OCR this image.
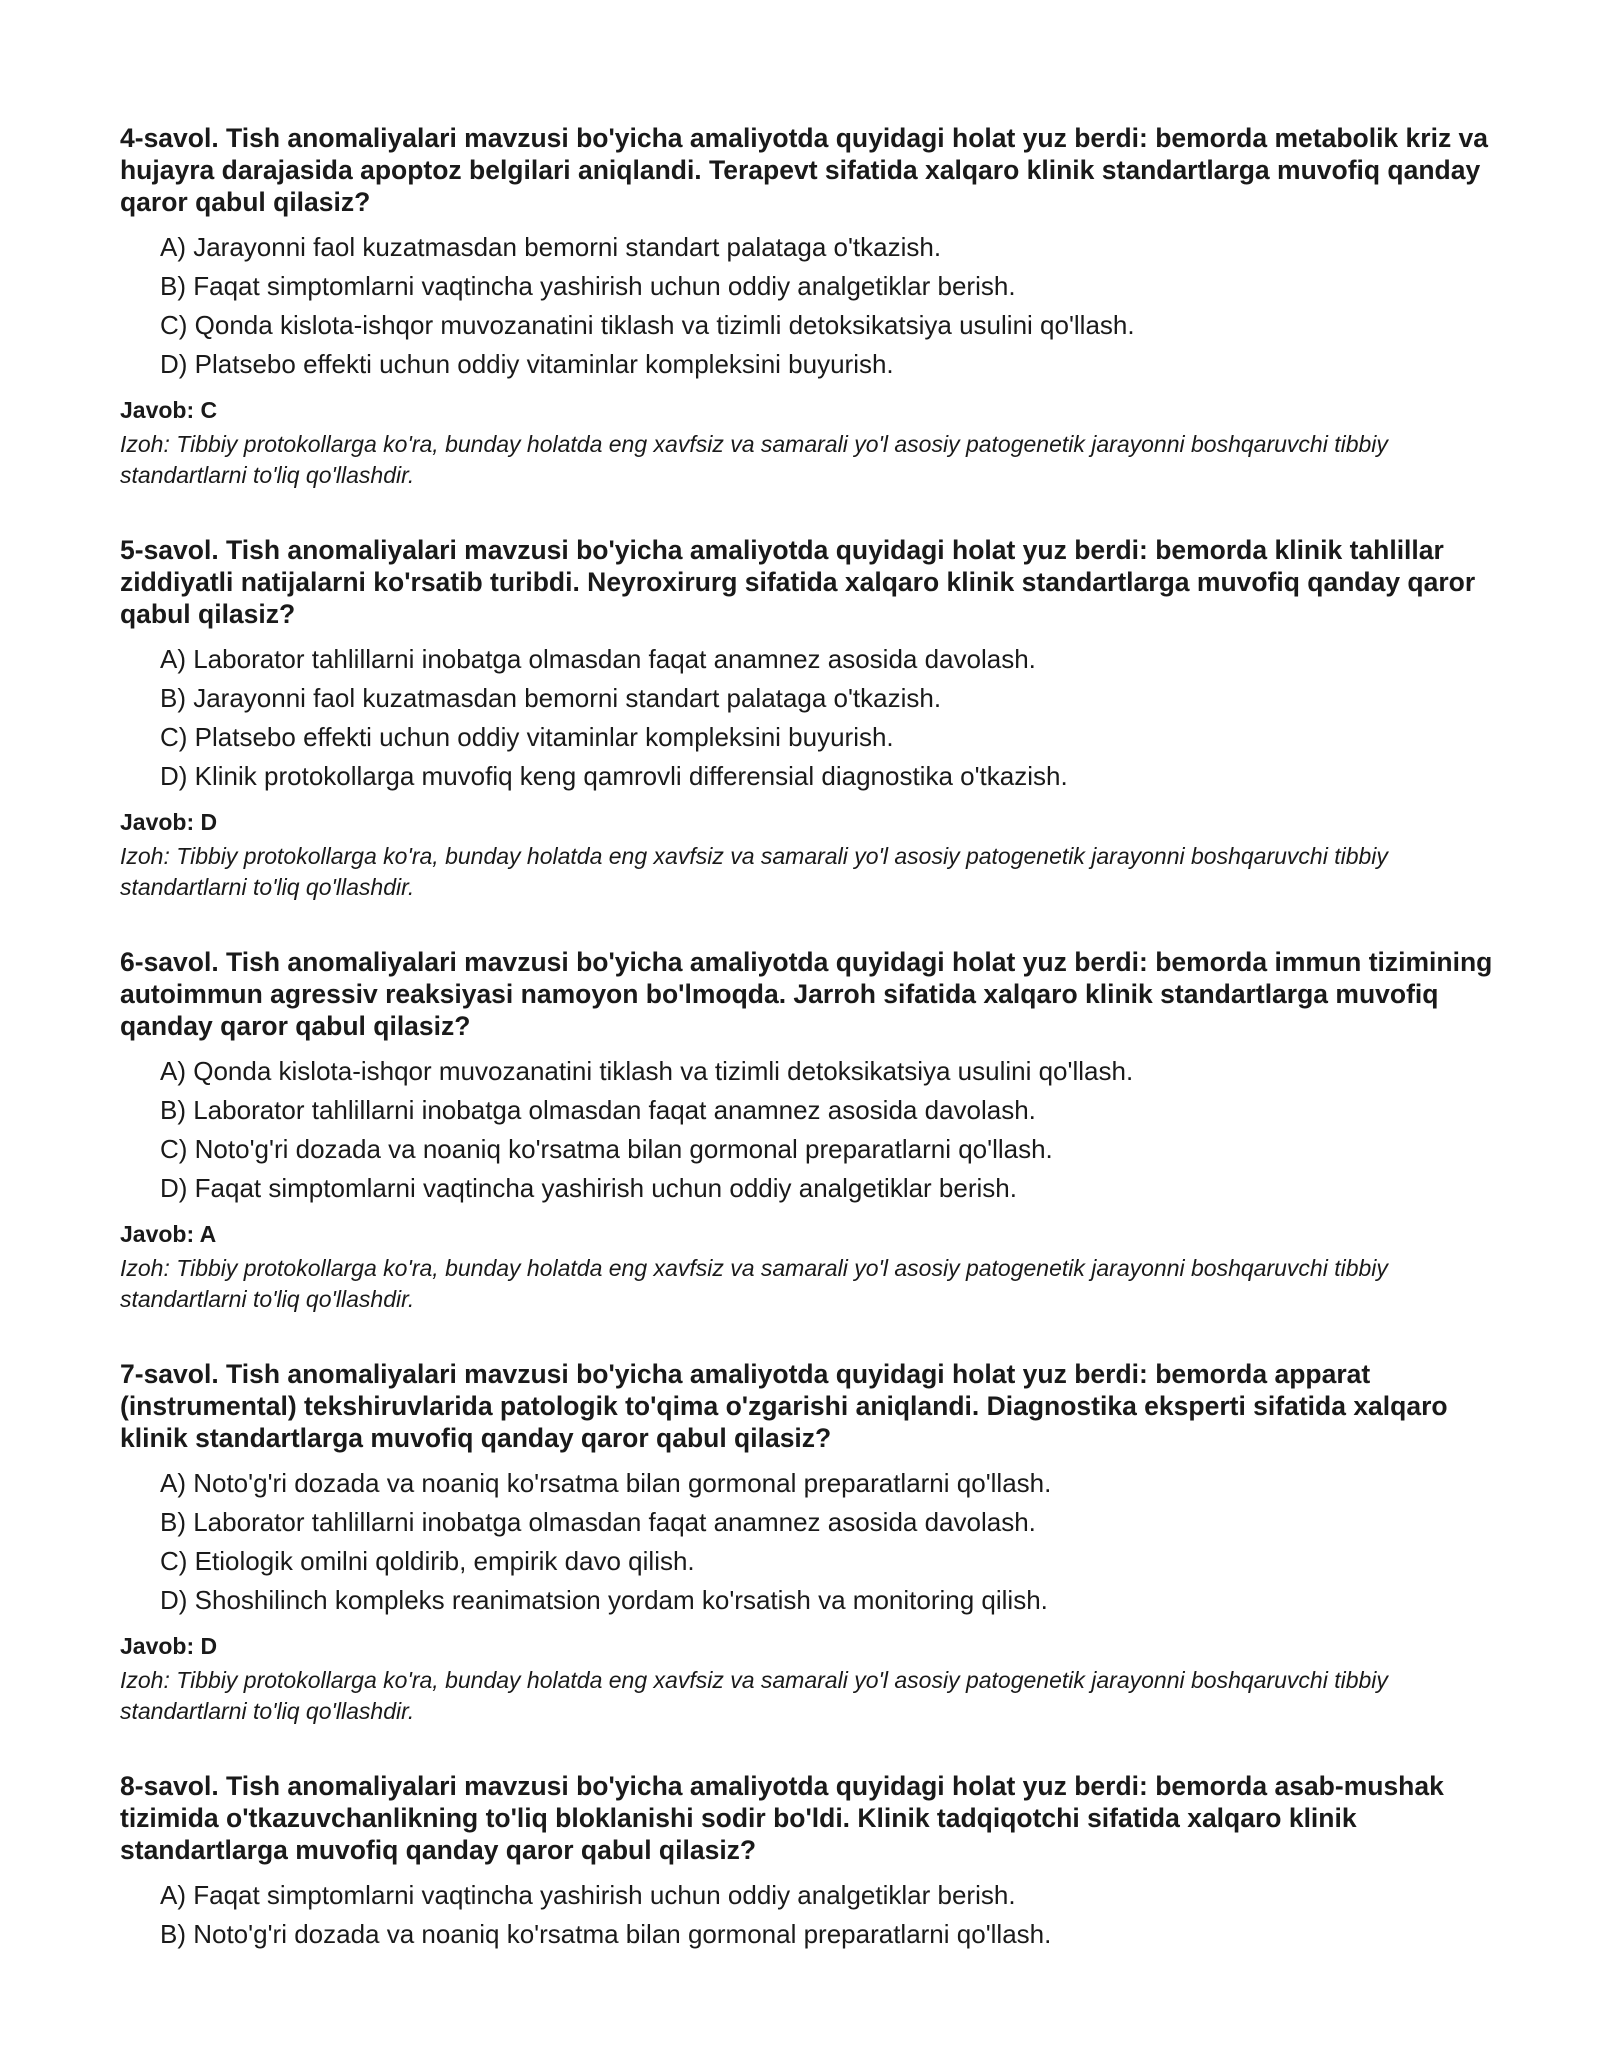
4-savol. Tish anomaliyalari mavzusi bo'yicha amaliyotda quyidagi holat yuz berdi: bemorda metabolik kriz va hujayra darajasida apoptoz belgilari aniqlandi. Terapevt sifatida xalqaro klinik standartlarga muvofiq qanday qaror qabul qilasiz?
A) Jarayonni faol kuzatmasdan bemorni standart palataga o'tkazish.
B) Faqat simptomlarni vaqtincha yashirish uchun oddiy analgetiklar berish.
C) Qonda kislota-ishqor muvozanatini tiklash va tizimli detoksikatsiya usulini qo'llash.
D) Platsebo effekti uchun oddiy vitaminlar kompleksini buyurish.
Javob: C
Izoh: Tibbiy protokollarga ko'ra, bunday holatda eng xavfsiz va samarali yo'l asosiy patogenetik jarayonni boshqaruvchi tibbiy standartlarni to'liq qo'llashdir.
5-savol. Tish anomaliyalari mavzusi bo'yicha amaliyotda quyidagi holat yuz berdi: bemorda klinik tahlillar ziddiyatli natijalarni ko'rsatib turibdi. Neyroxirurg sifatida xalqaro klinik standartlarga muvofiq qanday qaror qabul qilasiz?
A) Laborator tahlillarni inobatga olmasdan faqat anamnez asosida davolash.
B) Jarayonni faol kuzatmasdan bemorni standart palataga o'tkazish.
C) Platsebo effekti uchun oddiy vitaminlar kompleksini buyurish.
D) Klinik protokollarga muvofiq keng qamrovli differensial diagnostika o'tkazish.
Javob: D
Izoh: Tibbiy protokollarga ko'ra, bunday holatda eng xavfsiz va samarali yo'l asosiy patogenetik jarayonni boshqaruvchi tibbiy standartlarni to'liq qo'llashdir.
6-savol. Tish anomaliyalari mavzusi bo'yicha amaliyotda quyidagi holat yuz berdi: bemorda immun tizimining autoimmun agressiv reaksiyasi namoyon bo'lmoqda. Jarroh sifatida xalqaro klinik standartlarga muvofiq qanday qaror qabul qilasiz?
A) Qonda kislota-ishqor muvozanatini tiklash va tizimli detoksikatsiya usulini qo'llash.
B) Laborator tahlillarni inobatga olmasdan faqat anamnez asosida davolash.
C) Noto'g'ri dozada va noaniq ko'rsatma bilan gormonal preparatlarni qo'llash.
D) Faqat simptomlarni vaqtincha yashirish uchun oddiy analgetiklar berish.
Javob: A
Izoh: Tibbiy protokollarga ko'ra, bunday holatda eng xavfsiz va samarali yo'l asosiy patogenetik jarayonni boshqaruvchi tibbiy standartlarni to'liq qo'llashdir.
7-savol. Tish anomaliyalari mavzusi bo'yicha amaliyotda quyidagi holat yuz berdi: bemorda apparat (instrumental) tekshiruvlarida patologik to'qima o'zgarishi aniqlandi. Diagnostika eksperti sifatida xalqaro klinik standartlarga muvofiq qanday qaror qabul qilasiz?
A) Noto'g'ri dozada va noaniq ko'rsatma bilan gormonal preparatlarni qo'llash.
B) Laborator tahlillarni inobatga olmasdan faqat anamnez asosida davolash.
C) Etiologik omilni qoldirib, empirik davo qilish.
D) Shoshilinch kompleks reanimatsion yordam ko'rsatish va monitoring qilish.
Javob: D
Izoh: Tibbiy protokollarga ko'ra, bunday holatda eng xavfsiz va samarali yo'l asosiy patogenetik jarayonni boshqaruvchi tibbiy standartlarni to'liq qo'llashdir.
8-savol. Tish anomaliyalari mavzusi bo'yicha amaliyotda quyidagi holat yuz berdi: bemorda asab-mushak tizimida o'tkazuvchanlikning to'liq bloklanishi sodir bo'ldi. Klinik tadqiqotchi sifatida xalqaro klinik standartlarga muvofiq qanday qaror qabul qilasiz?
A) Faqat simptomlarni vaqtincha yashirish uchun oddiy analgetiklar berish.
B) Noto'g'ri dozada va noaniq ko'rsatma bilan gormonal preparatlarni qo'llash.
